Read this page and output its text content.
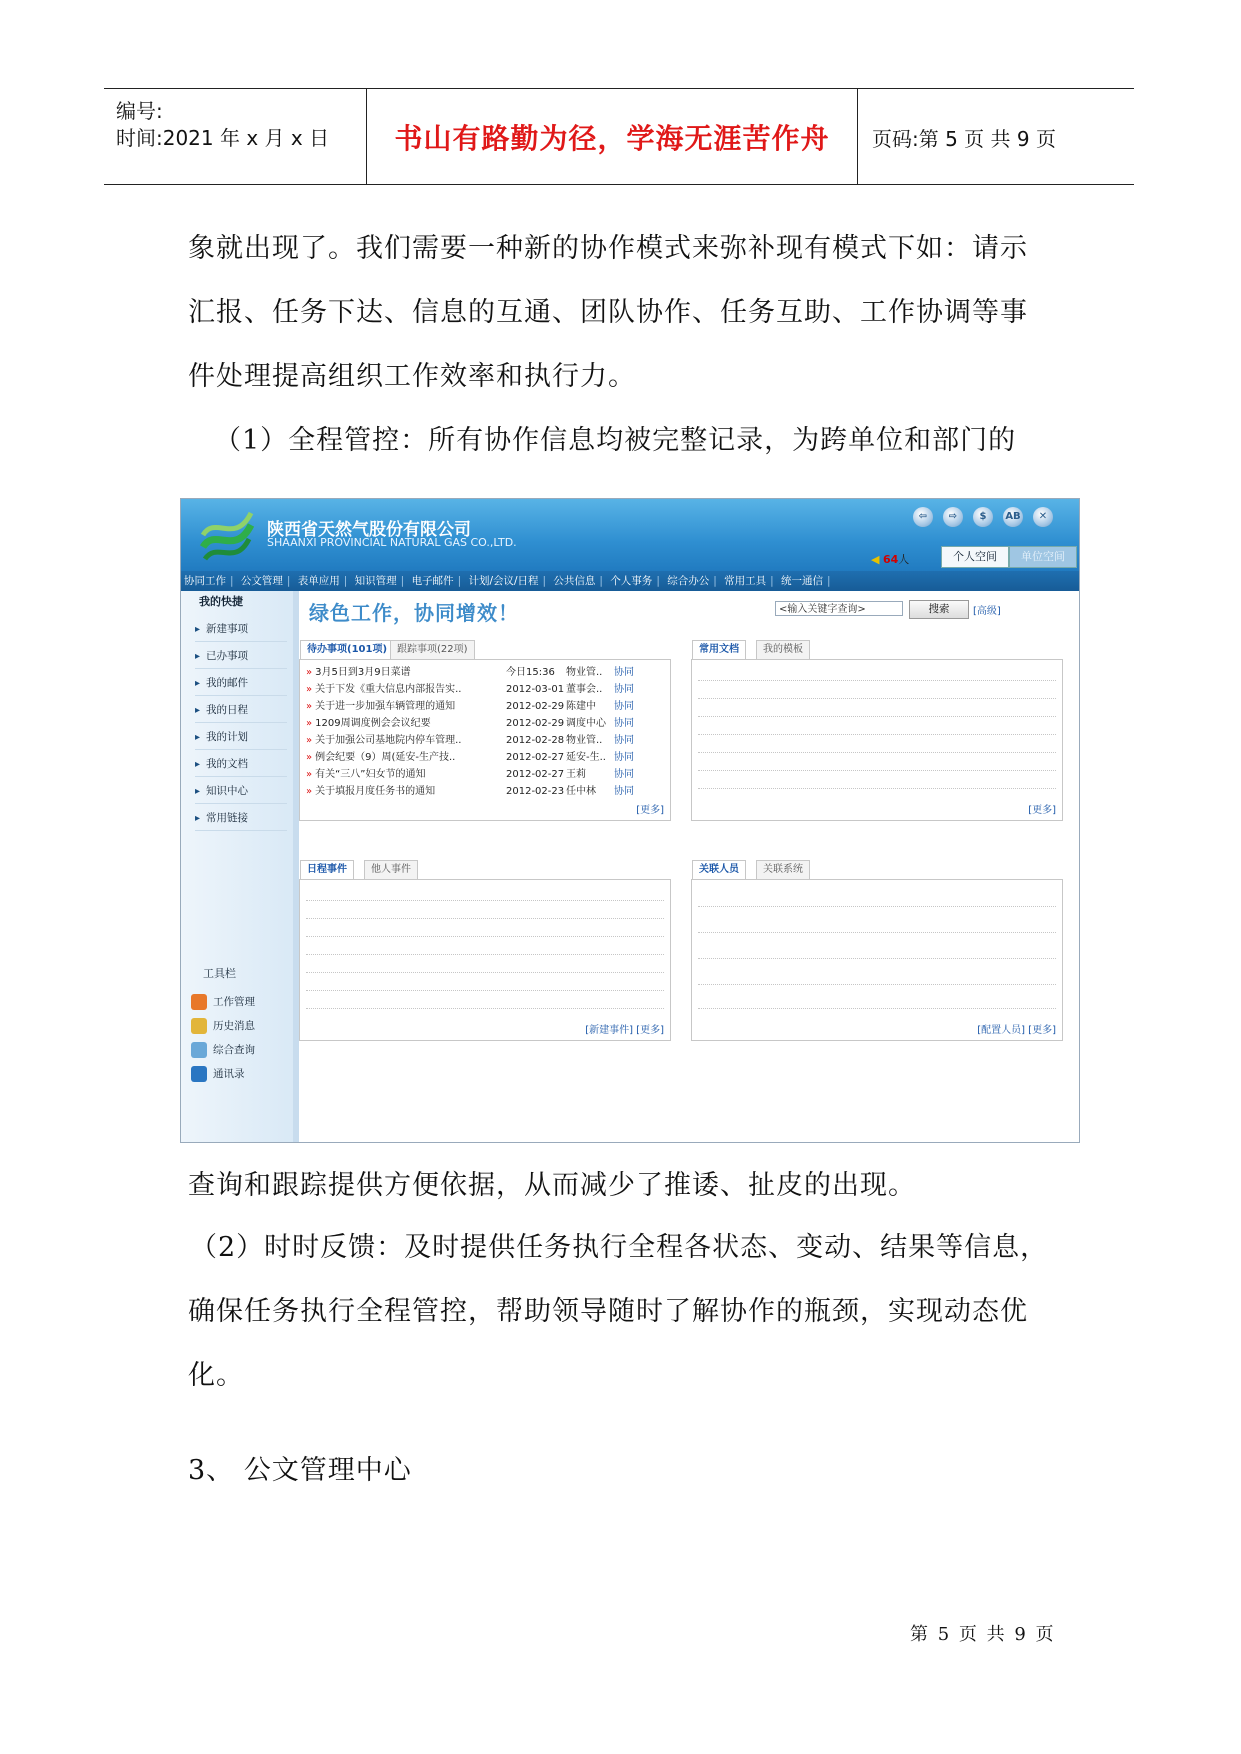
编号:
时间:2021 年 x 月 x 日	书山有路勤为径，学海无涯苦作舟	页码:第 5 页 共 9 页
象就出现了。我们需要一种新的协作模式来弥补现有模式下如：请示
汇报、任务下达、信息的互通、团队协作、任务互助、工作协调等事
件处理提高组织工作效率和执行力。
（1）全程管控：所有协作信息均被完整记录，为跨单位和部门的
陕西省天然气股份有限公司
SHAANXI PROVINCIAL NATURAL GAS CO.,LTD.
⇦	⇨	$	AB	✕
◀ 64人	个人空间	单位空间
协同工作 | 公文管理 | 表单应用 | 知识管理 | 电子邮件 | 计划/会议/日程 | 公共信息 | 个人事务 | 综合办公 | 常用工具 | 统一通信 |
我的快捷
▸ 新建事项
▸ 已办事项
▸ 我的邮件
▸ 我的日程
▸ 我的计划
▸ 我的文档
▸ 知识中心
▸ 常用链接
工具栏
工作管理
历史消息
综合查询
通讯录
绿色工作，协同增效！	<输入关键字查询>	搜索	[高级]
待办事项(101项) 跟踪事项(22项)
» 3月5日到3月9日菜谱	今日15:36 物业管.. 协同
» 关于下发《重大信息内部报告实..	2012-03-01 董事会.. 协同
» 关于进一步加强车辆管理的通知	2012-02-29 陈建中 协同
» 1209周调度例会会议纪要	2012-02-29 调度中心 协同
» 关于加强公司基地院内停车管理..	2012-02-28 物业管.. 协同
» 例会纪要（9）周(延安-生产技..	2012-02-27 延安-生.. 协同
» 有关“三八”妇女节的通知	2012-02-27 王莉	协同
» 关于填报月度任务书的通知	2012-02-23 任中林 协同
[更多]
常用文档	我的模板
[更多]
日程事件	他人事件
[新建事件] [更多]
关联人员	关联系统
[配置人员] [更多]
查询和跟踪提供方便依据，从而减少了推诿、扯皮的出现。
（2）时时反馈：及时提供任务执行全程各状态、变动、结果等信息，
确保任务执行全程管控，帮助领导随时了解协作的瓶颈，实现动态优
化。
3、 公文管理中心
第 5 页 共 9 页
